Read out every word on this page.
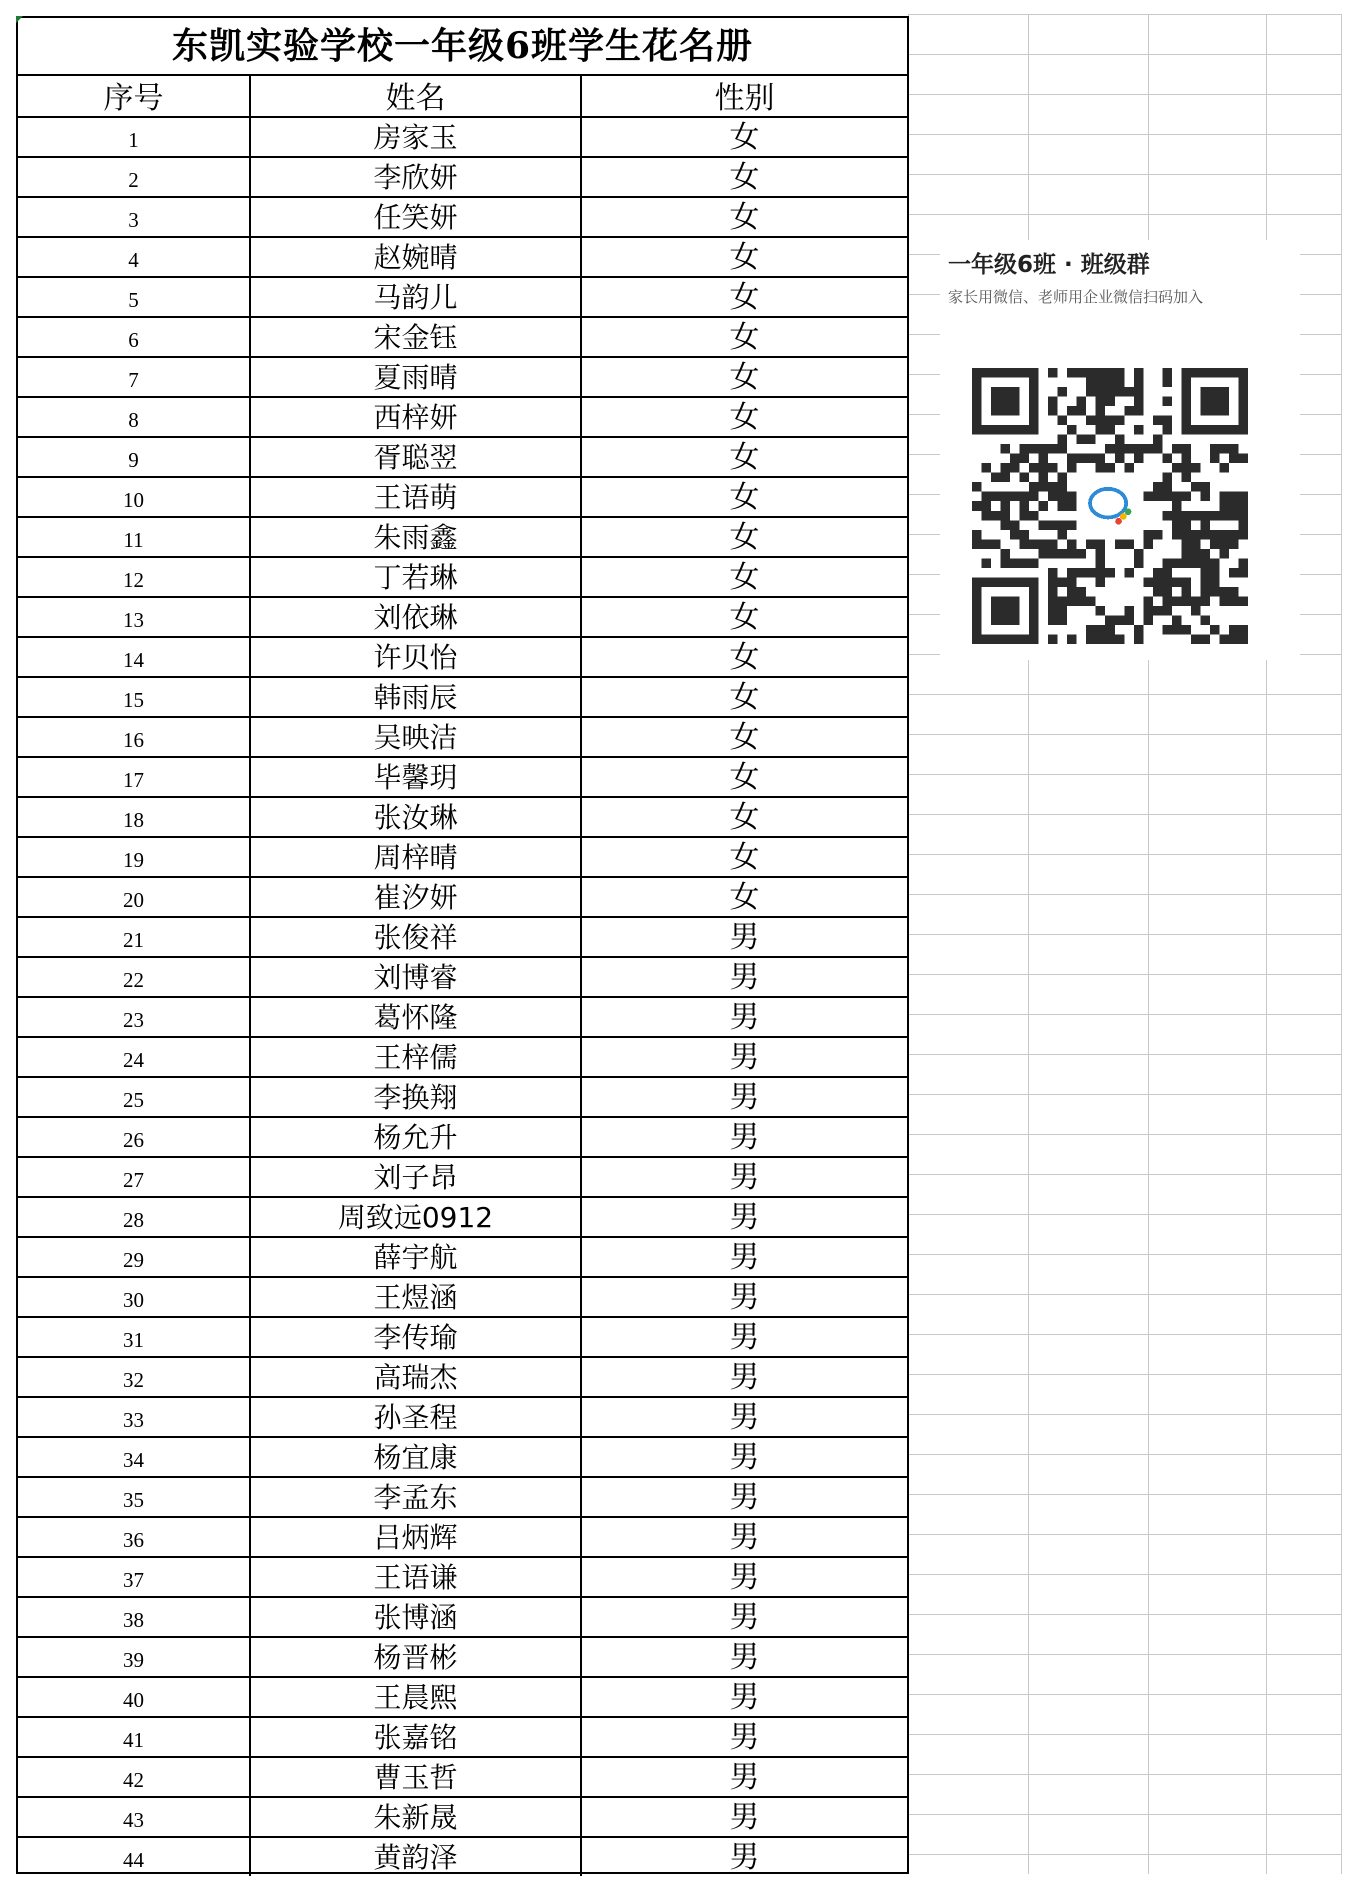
东凯实验学校一年级6班学生花名册
序号	姓名	性别
1	房家玉	女
2	李欣妍	女
3	任笑妍	女
4	赵婉晴	女
5	马韵儿	女
6	宋金钰	女
7	夏雨晴	女
8	西梓妍	女
9	胥聪翌	女
10	王语萌	女
11	朱雨鑫	女
12	丁若琳	女
13	刘依琳	女
14	许贝怡	女
15	韩雨辰	女
16	吴映洁	女
17	毕馨玥	女
18	张汝琳	女
19	周梓晴	女
20	崔汐妍	女
21	张俊祥	男
22	刘博睿	男
23	葛怀隆	男
24	王梓儒	男
25	李换翔	男
26	杨允升	男
27	刘子昂	男
28	周致远0912	男
29	薛宇航	男
30	王煜涵	男
31	李传瑜	男
32	高瑞杰	男
33	孙圣程	男
34	杨宜康	男
35	李孟东	男
36	吕炳辉	男
37	王语谦	男
38	张博涵	男
39	杨晋彬	男
40	王晨熙	男
41	张嘉铭	男
42	曹玉哲	男
43	朱新晟	男
44	黄韵泽	男
一年级6班 · 班级群
家长用微信、老师用企业微信扫码加入
